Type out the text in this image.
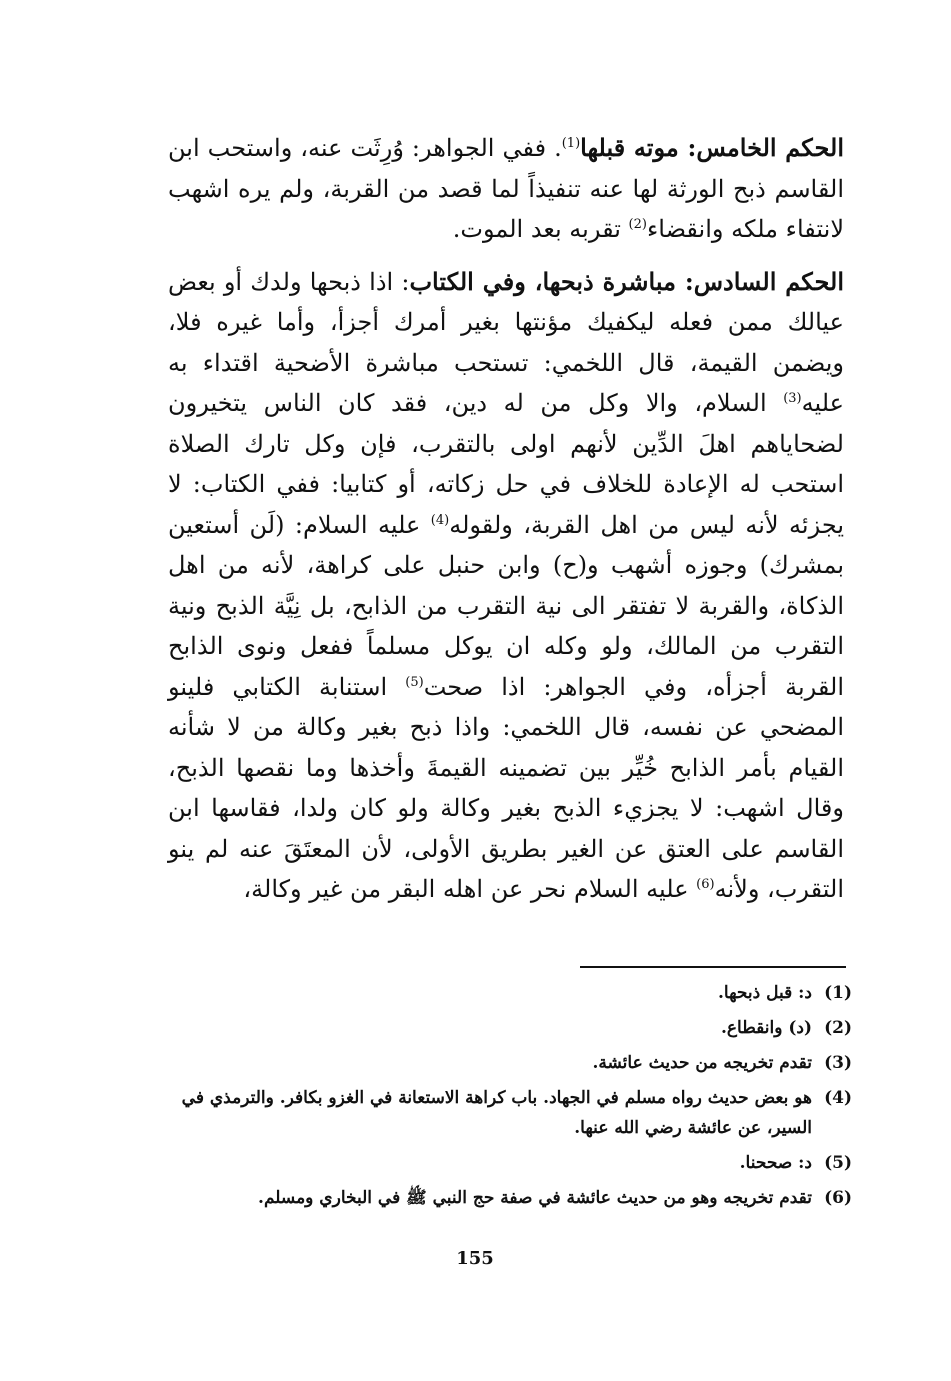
الحكم الخامس: موته قبلها$^{(1)}$. ففي الجواهر: وُرِثَت عنه، واستحب ابن القاسم ذبح الورثة لها عنه تنفيذاً لما قصد من القربة، ولم يره اشهب لانتفاء ملكه وانقضاء$^{(2)}$ تقربه بعد الموت.

الحكم السادس: مباشرة ذبحها، وفي الكتاب: اذا ذبحها ولدك أو بعض عيالك ممن فعله ليكفيك مؤنتها بغير أمرك أجزأ، وأما غيره فلا، ويضمن القيمة، قال اللخمي: تستحب مباشرة الأضحية اقتداء به عليه$^{(3)}$ السلام، والا وكل من له دين، فقد كان الناس يتخيرون لضحاياهم اهلَ الدِّين لأنهم اولى بالتقرب، فإن وكل تارك الصلاة استحب له الإعادة للخلاف في حل زكاته، أو كتابيا: ففي الكتاب: لا يجزئه لأنه ليس من اهل القربة، ولقوله$^{(4)}$ عليه السلام: (لَن أستعين بمشرك) وجوزه أشهب و(ح) وابن حنبل على كراهة، لأنه من اهل الذكاة، والقربة لا تفتقر الى نية التقرب من الذابح، بل نِيَّة الذبح ونية التقرب من المالك، ولو وكله ان يوكل مسلماً ففعل ونوى الذابح القربة أجزأه، وفي الجواهر: اذا صحت$^{(5)}$ استنابة الكتابي فلينو المضحي عن نفسه، قال اللخمي: واذا ذبح بغير وكالة من لا شأنه القيام بأمر الذابح خُيِّر بين تضمينه القيمةَ وأخذها وما نقصها الذبح، وقال اشهب: لا يجزيء الذبح بغير وكالة ولو كان ولدا، فقاسها ابن القاسم على العتق عن الغير بطريق الأولى، لأن المعتَقَ عنه لم ينو التقرب، ولأنه$^{(6)}$ عليه السلام نحر عن اهله البقر من غير وكالة،

(1)
د: قبل ذبحها.
(2)
(د) وانقطاع.
(3)
تقدم تخريجه من حديث عائشة.
(4)
هو بعض حديث رواه مسلم في الجهاد. باب كراهة الاستعانة في الغزو بكافر. والترمذي في السير، عن عائشة رضي الله عنها.
(5)
د: صححنا.
(6)
تقدم تخريجه وهو من حديث عائشة في صفة حج النبي ﷺ في البخاري ومسلم.
155
